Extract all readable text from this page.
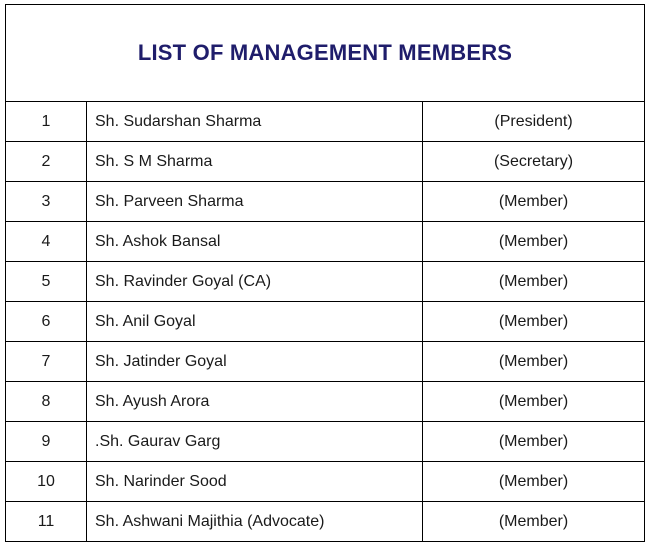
LIST OF MANAGEMENT MEMBERS		
1	Sh. Sudarshan Sharma	(President)
2	Sh. S M Sharma	(Secretary)
3	Sh. Parveen Sharma	(Member)
4	Sh. Ashok Bansal	(Member)
5	Sh. Ravinder Goyal (CA)	(Member)
6	Sh. Anil Goyal	(Member)
7	Sh. Jatinder Goyal	(Member)
8	Sh. Ayush Arora	(Member)
9	.Sh. Gaurav Garg	(Member)
10	Sh. Narinder Sood	(Member)
11	Sh. Ashwani Majithia (Advocate)	(Member)
